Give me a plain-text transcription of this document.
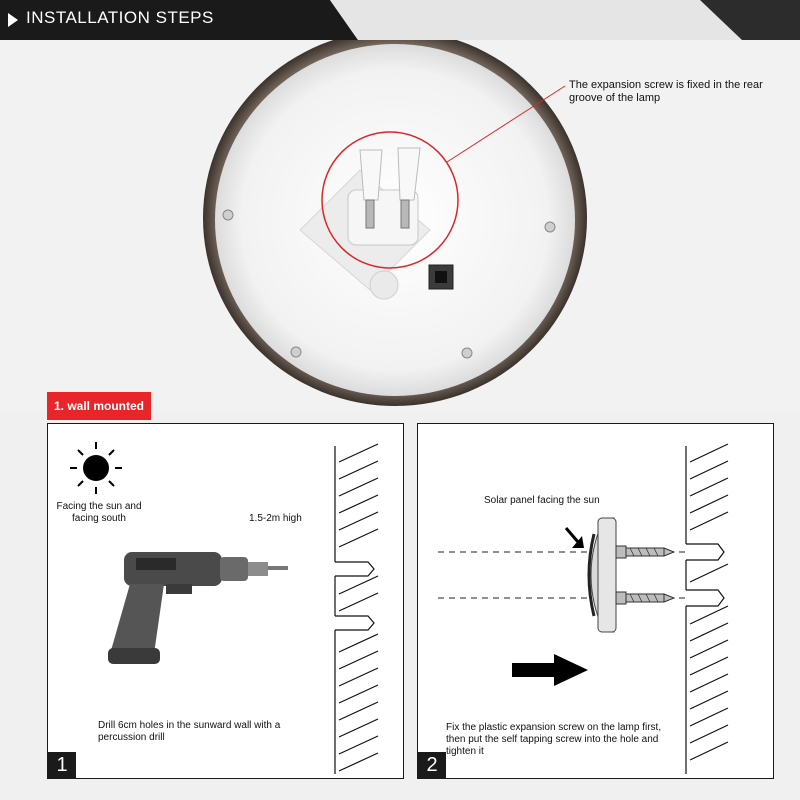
INSTALLATION STEPS
The expansion screw is fixed in the rear groove of the lamp
1. wall mounted
Facing the sun and facing south	1.5-2m high
Drill 6cm holes in the sunward wall with a percussion drill
1
Solar panel facing the sun
Fix the plastic expansion screw on the lamp first, then put the self tapping screw into the hole and tighten it
2
